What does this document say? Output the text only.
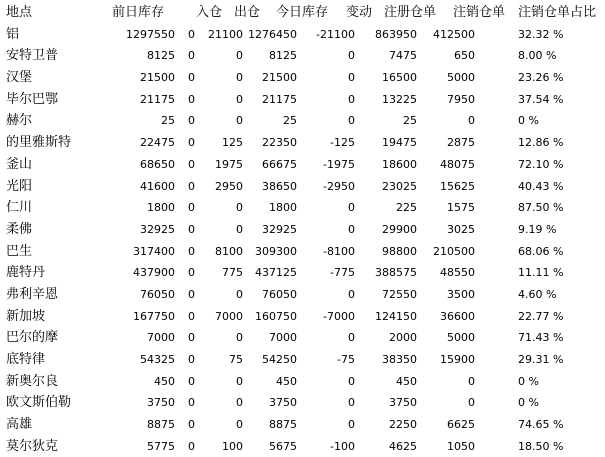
地点	前日库存 入仓 出仓 今日库存 变动 注册仓单 注销仓单 注销仓单占比
铝	1297550 0 21100 1276450 -21100 863950 412500	32.32 %
安特卫普	8125 0	0 8125	0	7475	650	8.00 %
汉堡	21500 0	0 21500	0 16500	5000	23.26 %
毕尔巴鄂	21175 0	0 21175	0 13225	7950	37.54 %
赫尔	25 0	0	25	0	25	0	0 %
的里雅斯特	22475 0 125 22350	-125 19475	2875	12.86 %
釜山	68650 0 1975 66675 -1975 18600 48075	72.10 %
光阳	41600 0 2950 38650 -2950 23025 15625	40.43 %
仁川	1800 0	0 1800	0	225	1575	87.50 %
柔佛	32925 0	0 32925	0 29900	3025	9.19 %
巴生	317400 0 8100 309300 -8100 98800 210500	68.06 %
鹿特丹	437900 0 775 437125	-775 388575 48550	11.11 %
弗利辛恩	76050 0	0 76050	0 72550	3500	4.60 %
新加坡	167750 0 7000 160750 -7000 124150 36600	22.77 %
巴尔的摩	7000 0	0 7000	0	2000	5000	71.43 %
底特律	54325 0	75 54250	-75 38350 15900	29.31 %
新奥尔良	450 0	0	450	0	450	0	0 %
欧文斯伯勒	3750 0	0 3750	0	3750	0	0 %
高雄	8875 0	0 8875	0	2250	6625	74.65 %
莫尔狄克	5775 0 100 5675	-100	4625	1050	18.50 %
